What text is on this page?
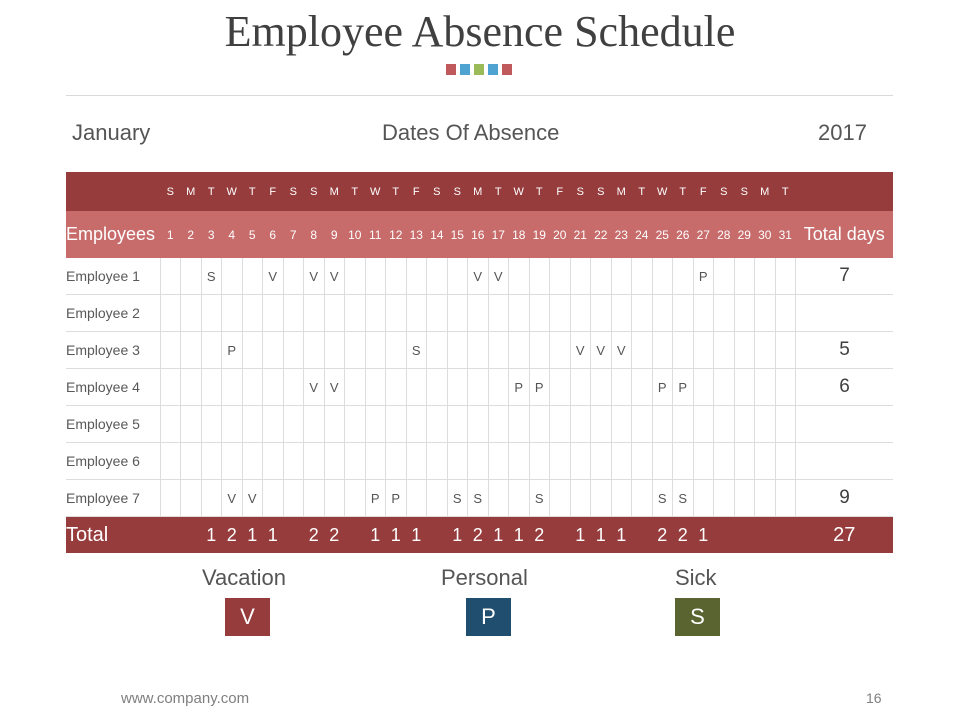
Employee Absence Schedule
January	Dates Of Absence	2017
	S	M	T	W	T	F	S	S	M	T	W	T	F	S	S	M	T	W	T	F	S	S	M	T	W	T	F	S	S	M	T	
Employees	1	2	3	4	5	6	7	8	9	10	11	12	13	14	15	16	17	18	19	20	21	22	23	24	25	26	27	28	29	30	31	Total days
Employee 1			S			V		V	V							V	V										P					7
Employee 2																																
Employee 3				P									S								V	V	V									5
Employee 4								V	V									P	P						P	P						6
Employee 5																																
Employee 6																																
Employee 7				V	V						P	P			S	S			S						S	S						9
Total			1	2	1	1		2	2		1	1	1		1	2	1	1	2		1	1	1		2	2	1					27
Vacation
V
Personal
P
Sick
S
www.company.com	16
